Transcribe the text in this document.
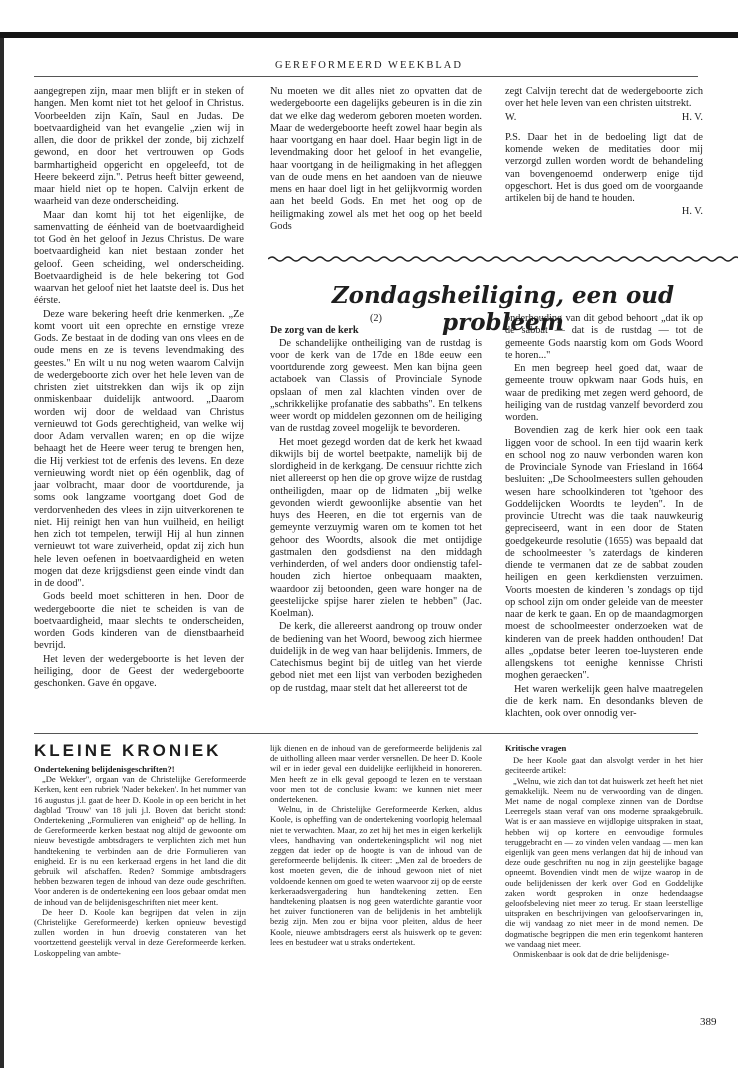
GEREFORMEERD WEEKBLAD

aangegrepen zijn, maar men blijft er in steken of hangen. Men komt niet tot het geloof in Christus. Voorbeelden zijn Kaïn, Saul en Judas. De boetvaardigheid van het evangelie „zien wij in allen, die door de prikkel der zonde, bij zichzelf gewond, en door het vertrouwen op Gods barmhartigheid opgericht en opgeleefd, tot de Heere bekeerd zijn.". Petrus heeft bitter geweend, maar hield niet op te hopen. Calvijn erkent de waarheid van deze onderscheiding.

Maar dan komt hij tot het eigenlijke, de samenvatting de éénheid van de boetvaardigheid tot God èn het geloof in Jezus Christus. De ware boetvaardigheid kan niet bestaan zonder het geloof. Geen scheiding, wel onderscheiding. Boetvaardigheid is de hele bekering tot God waarvan het geloof niet het laatste deel is. Dus het éérste.

Deze ware bekering heeft drie kenmerken. „Ze komt voort uit een oprechte en ernstige vreze Gods. Ze bestaat in de doding van ons vlees en de oude mens en ze is tevens levendmaking des geestes." En wilt u nu nog weten waarom Calvijn de wedergeboorte zich over het hele leven van de christen ziet uitstrekken dan wijs ik op zijn onmiskenbaar duidelijk antwoord. „Daarom worden wij door de weldaad van Christus vernieuwd tot Gods gerechtigheid, van welke wij door Adam vervallen waren; en op die wijze behaagt het de Heere weer terug te brengen hen, die Hij verkiest tot de erfenis des levens. En deze vernieuwing wordt niet op één ogenblik, dag of jaar volbracht, maar door de voortdurende, ja soms ook langzame voortgang doet God de verdorvenheden des vlees in zijn uitverkorenen te niet. Hij reinigt hen van hun vuilheid, en heiligt hen zich tot tempelen, terwijl Hij al hun zinnen vernieuwt tot ware zuiverheid, opdat zij zich hun hele leven oefenen in boetvaardigheid en weten mogen dat deze krijgsdienst geen einde vindt dan in de dood".

Gods beeld moet schitteren in hen. Door de wedergeboorte die niet te scheiden is van de boetvaardigheid, maar slechts te onderscheiden, worden Gods kinderen van de dienstbaarheid bevrijd.

Het leven der wedergeboorte is het leven der heiliging, door de Geest der wedergeboorte geschonken. Gave én opgave.

Nu moeten we dit alles niet zo opvatten dat de wedergeboorte een dagelijks gebeuren is in die zin dat we elke dag wederom geboren moeten worden. Maar de wedergeboorte heeft zowel haar begin als haar voortgang en haar doel. Haar begin ligt in de levendmaking door het geloof in het evangelie, haar voortgang in de heiligmaking in het afleggen van de oude mens en het aandoen van de nieuwe mens en haar doel ligt in het gelijkvormig worden aan het beeld Gods. En met het oog op de heiligmaking zowel als met het oog op het beeld Gods

zegt Calvijn terecht dat de wedergeboorte zich over het hele leven van een christen uitstrekt.

W.	H. V.

P.S. Daar het in de bedoeling ligt dat de komende weken de meditaties door mij verzorgd zullen worden wordt de behandeling van bovengenoemd onderwerp enige tijd opgeschort. Het is dus goed om de voorgaande artikelen bij de hand te houden.

H. V.
Zondagsheiliging, een oud probleem
(2)
De zorg van de kerk

De schandelijke ontheiliging van de rustdag is voor de kerk van de 17de en 18de eeuw een voortdurende zorg geweest. Men kan bijna geen actaboek van Classis of Provinciale Synode opslaan of men zal klachten vinden over de „schrikkelijke profanatie des sabbaths". En telkens weer wordt op middelen gezonnen om de heiliging van de rustdag zoveel mogelijk te bevorderen.

Het moet gezegd worden dat de kerk het kwaad dikwijls bij de wortel beetpakte, namelijk bij de slordigheid in de kerkgang. De censuur richtte zich niet allereerst op hen die op grove wijze de rustdag ontheiligden, maar op de lidmaten „bij welke gevonden wierdt gewoonlijke absentie van het huys des Heeren, en die tot ergernis van de gemeynte verzuymig waren om te komen tot het gehoor des Woordts, alsook die met ontijdige gastmalen den godsdienst na den middagh verhinderden, of wel anders door ondienstig tafel-houden zich hiertoe onbequaam maakten, waardoor zij betoonden, geen ware honger na de geestelijcke spijse harer zielen te hebben" (Jac. Koelman).

De kerk, die allereerst aandrong op trouw onder de bediening van het Woord, bewoog zich hiermee duidelijk in de weg van haar belijdenis. Immers, de Catechismus begint bij de uitleg van het vierde gebod niet met een lijst van verboden bezigheden op de rustdag, maar stelt dat het allereerst tot de

onderhouding van dit gebod behoort „dat ik op de sabbat — dat is de rustdag — tot de gemeente Gods naarstig kom om Gods Woord te horen..."

En men begreep heel goed dat, waar de gemeente trouw opkwam naar Gods huis, en waar de prediking met zegen werd gehoord, de heiliging van de rustdag vanzelf bevorderd zou worden.

Bovendien zag de kerk hier ook een taak liggen voor de school. In een tijd waarin kerk en school nog zo nauw verbonden waren kon de Provinciale Synode van Friesland in 1664 besluiten: „De Schoolmeesters sullen gehouden wesen hare schoolkinderen tot 'tgehoor des Goddelijcken Woordts te leyden". In de provincie Utrecht was die taak nauwkeurig gepreciseerd, want in een door de Staten goedgekeurde resolutie (1655) was bepaald dat de schoolmeester 's zaterdags de kinderen diende te vermanen dat ze de sabbat zouden heiligen en geen kerkdiensten verzuimen. Voorts moesten de kinderen 's zondags op tijd op school zijn om onder geleide van de meester naar de kerk te gaan. En op de maandagmorgen moest de schoolmeester onderzoeken wat de kinderen van de preek hadden onthouden! Dat alles „opdatse beter leeren toe-luysteren ende allengskens tot eenighe kennisse Christi moghen geraecken".

Het waren werkelijk geen halve maatregelen die de kerk nam. En desondanks bleven de klachten, ook over onnodig ver-

KLEINE KRONIEK
Ondertekening belijdenisgeschriften?!

„De Wekker", orgaan van de Christelijke Gereformeerde Kerken, kent een rubriek 'Nader bekeken'. In het nummer van 16 augustus j.l. gaat de heer D. Koole in op een bericht in het dagblad 'Trouw' van 18 juli j.l. Boven dat bericht stond: Ondertekening „Formulieren van enigheid" op de helling. In de Gereformeerde kerken bestaat nog altijd de gewoonte om nieuw bevestigde ambtsdragers te verplichten zich met hun handtekening te verbinden aan de drie Formulieren van enigheid. Er is nu een kerkeraad ergens in het land die dit gebruik wil afschaffen. Reden? Sommige ambtsdragers hebben bezwaren tegen de inhoud van deze oude geschriften. Voor anderen is de ondertekening een loos gebaar omdat men de inhoud van de belijdenisgeschriften niet meer kent.

De heer D. Koole kan begrijpen dat velen in zijn (Christelijke Gereformeerde) kerken opnieuw bevestigd zullen worden in hun droevig constateren van het voortzettend geestelijk verval in deze Gereformeerde kerken. Loskoppeling van ambte-

lijk dienen en de inhoud van de gereformeerde belijdenis zal de uitholling alleen maar verder versnellen. De heer D. Koole wil er in ieder geval een duidelijke eerlijkheid in honoreren. Men heeft ze in elk geval gepoogd te lezen en te verstaan voor men tot de conclusie kwam: we kunnen niet meer ondertekenen.

Welnu, in de Christelijke Gereformeerde Kerken, aldus Koole, is opheffing van de ondertekening voorlopig helemaal niet te verwachten. Maar, zo zet hij het mes in eigen kerkelijk vlees, handhaving van ondertekeningsplicht wil nog niet zeggen dat ieder op de hoogte is van de inhoud van de gereformeerde belijdenis. Ik citeer: „Men zal de broeders de kost moeten geven, die de inhoud gewoon niet of niet voldoende kennen om goed te weten waarvoor zij op de eerste kerkeraadsvergadering hun handtekening zetten. Een handtekening plaatsen is nog geen waterdichte garantie voor het zuiver functioneren van de belijdenis in het ambtelijk bezig zijn. Men zou er bijna voor pleiten, aldus de heer Koole, nieuwe ambtsdragers eerst als huiswerk op te geven: lees en bestudeer wat u straks ondertekent.

Kritische vragen

De heer Koole gaat dan alsvolgt verder in het hier geciteerde artikel:

„Welnu, wie zich dan tot dat huiswerk zet heeft het niet gemakkelijk. Neem nu de verwoording van de dingen. Met name de nogal complexe zinnen van de Dordtse Leerregels staan veraf van ons moderne spraakgebruik. Wat is er aan massieve en wijdlopige uitspraken in staat, hebben wij op kortere en eenvoudige formules teruggebracht en — zo vinden velen vandaag — men kan eigenlijk van geen mens verlangen dat hij de inhoud van deze oude geschriften nu nog in zijn geestelijke bagage opneemt. Bovendien vindt men de wijze waarop in de oude belijdenissen der kerk over God en Goddelijke zaken wordt gesproken in onze hedendaagse geloofsbeleving niet meer zo terug. Er staan leerstellige uitspraken en beschrijvingen van geloofservaringen in, die wij vandaag zo niet meer in de mond nemen. De dogmatische begrippen die men erin tegenkomt hanteren we vandaag niet meer.

Onmiskenbaar is ook dat de drie belijdenisge-

389
